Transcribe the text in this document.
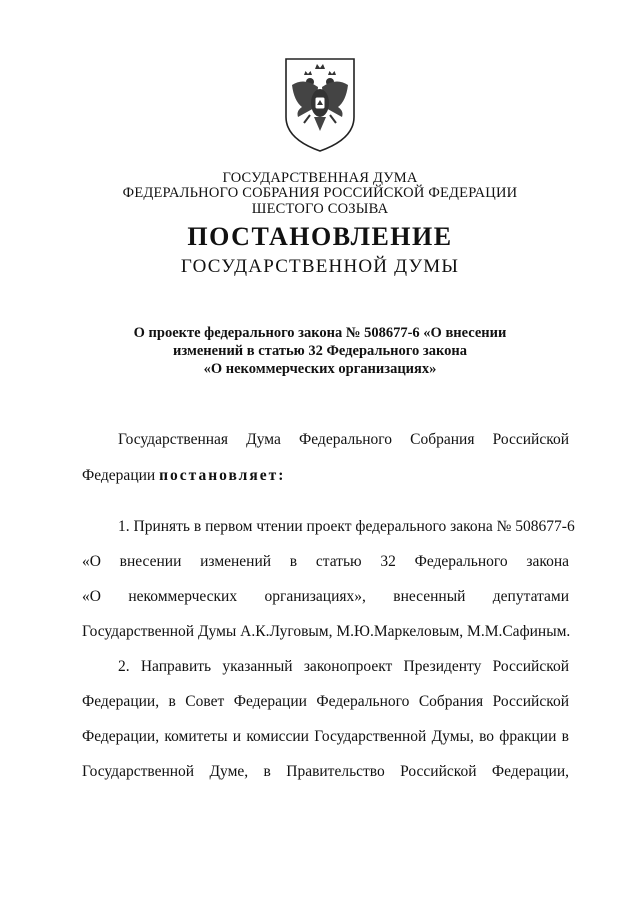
ГОСУДАРСТВЕННАЯ ДУМА
ФЕДЕРАЛЬНОГО СОБРАНИЯ РОССИЙСКОЙ ФЕДЕРАЦИИ
ШЕСТОГО СОЗЫВА
ПОСТАНОВЛЕНИЕ
ГОСУДАРСТВЕННОЙ ДУМЫ
О проекте федерального закона № 508677-6 «О внесении
изменений в статью 32 Федерального закона
«О некоммерческих организациях»
Государственная Дума Федерального Собрания Российской
Федерации постановляет:
1. Принять в первом чтении проект федерального закона № 508677-6
«О внесении изменений в статью 32 Федерального закона
«О некоммерческих организациях», внесенный депутатами
Государственной Думы А.К.Луговым, М.Ю.Маркеловым, М.М.Сафиным.
2. Направить указанный законопроект Президенту Российской
Федерации, в Совет Федерации Федерального Собрания Российской
Федерации, комитеты и комиссии Государственной Думы, во фракции в
Государственной Думе, в Правительство Российской Федерации,
